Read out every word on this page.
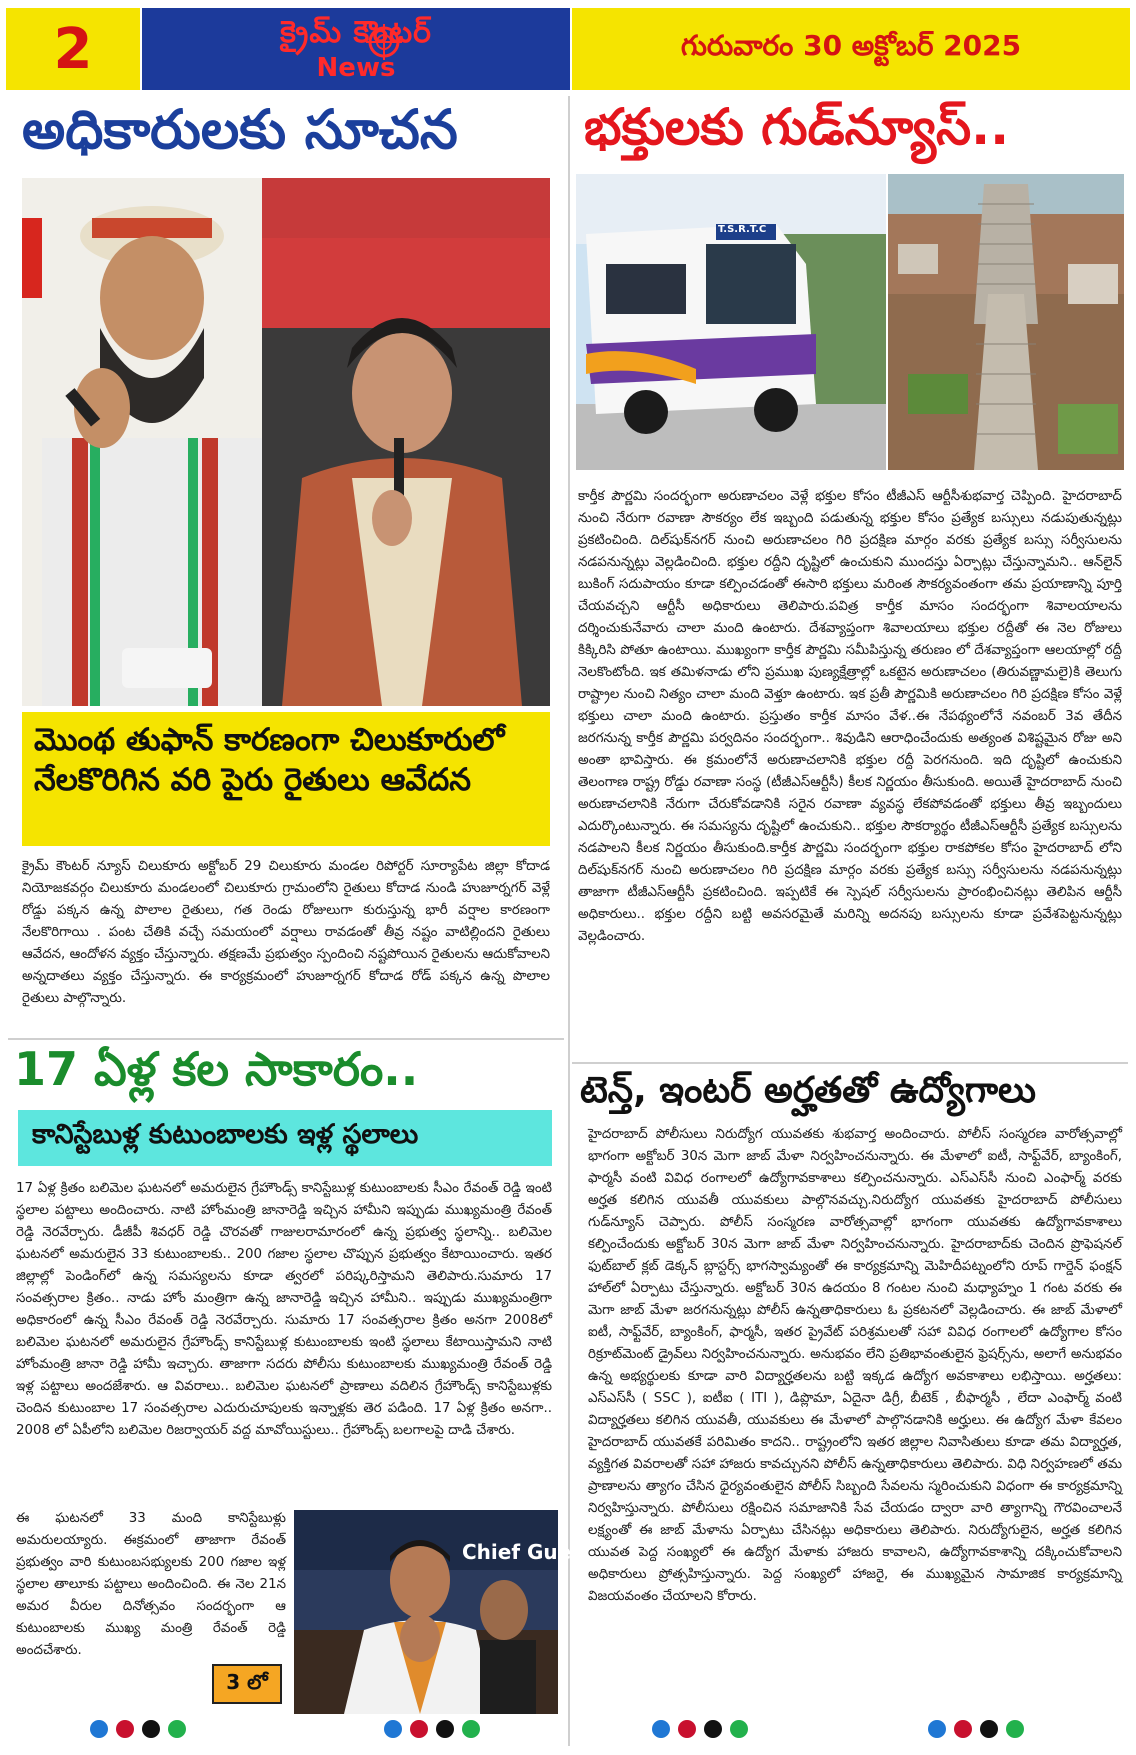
2	క్రైమ్ కౌంటర్
News
గురువారం 30 అక్టోబర్ 2025
అధికారులకు సూచన
మొంథ తుఫాన్ కారణంగా చిలుకూరులో నేలకొరిగిన వరి పైరు రైతులు ఆవేదన
క్రైమ్ కౌంటర్ న్యూస్ చిలుకూరు అక్టోబర్ 29 చిలుకూరు మండల రిపోర్టర్ సూర్యాపేట జిల్లా కోదాడ నియోజకవర్గం చిలుకూరు మండలంలో చిలుకూరు గ్రామంలోని రైతులు కోదాడ నుండి హుజూర్నగర్ వెళ్లే రోడ్డు పక్కన ఉన్న పొలాల రైతులు, గత రెండు రోజులుగా కురుస్తున్న భారీ వర్షాల కారణంగా నేలకొరిగాయి . పంట చేతికి వచ్చే సమయంలో వర్షాలు రావడంతో తీవ్ర నష్టం వాటిల్లిందని రైతులు ఆవేదన, ఆందోళన వ్యక్తం చేస్తున్నారు. తక్షణమే ప్రభుత్వం స్పందించి నష్టపోయిన రైతులను ఆదుకోవాలని అన్నదాతలు వ్యక్తం చేస్తున్నారు. ఈ కార్యక్రమంలో హుజూర్నగర్ కోదాడ రోడ్ పక్కన ఉన్న పొలాల రైతులు పాల్గొన్నారు.
17 ఏళ్ల కల సాకారం..
కానిస్టేబుళ్ల కుటుంబాలకు ఇళ్ల స్థలాలు
17 ఏళ్ల క్రితం బలిమెల ఘటనలో అమరులైన గ్రేహౌండ్స్ కానిస్టేబుళ్ల కుటుంబాలకు సీఎం రేవంత్ రెడ్డి ఇంటి స్థలాల పట్టాలు అందించారు. నాటి హోంమంత్రి జానారెడ్డి ఇచ్చిన హామీని ఇప్పుడు ముఖ్యమంత్రి రేవంత్ రెడ్డి నెరవేర్చారు. డీజీపీ శివధర్ రెడ్డి చొరవతో గాజులరామారంలో ఉన్న ప్రభుత్వ స్థలాన్ని.. బలిమెల ఘటనలో అమరులైన 33 కుటుంబాలకు.. 200 గజాల స్థలాల చొప్పున ప్రభుత్వం కేటాయించారు. ఇతర జిల్లాల్లో పెండింగ్‌లో ఉన్న సమస్యలను కూడా త్వరలో పరిష్కరిస్తామని తెలిపారు.సుమారు 17 సంవత్సరాల క్రితం.. నాడు హోం మంత్రిగా ఉన్న జానారెడ్డి ఇచ్చిన హామీని.. ఇప్పుడు ముఖ్యమంత్రిగా అధికారంలో ఉన్న సీఎం రేవంత్ రెడ్డి నెరవేర్చారు. సుమారు 17 సంవత్సరాల క్రితం అనగా 2008లో బలిమెల ఘటనలో అమరులైన గ్రేహౌండ్స్ కానిస్టేబుళ్ల కుటుంబాలకు ఇంటి స్థలాలు కేటాయిస్తామని నాటి హోంమంత్రి జానా రెడ్డి హామీ ఇచ్చారు. తాజాగా సదరు పోలీసు కుటుంబాలకు ముఖ్యమంత్రి రేవంత్ రెడ్డి ఇళ్ల పట్టాలు అందజేశారు. ఆ వివరాలు.. బలిమెల ఘటనలో ప్రాణాలు వదిలిన గ్రేహౌండ్స్ కానిస్టేబుళ్లకు చెందిన కుటుంబాల 17 సంవత్సరాల ఎదురుచూపులకు ఇన్నాళ్లకు తెర పడింది. 17 ఏళ్ల క్రితం అనగా.. 2008 లో ఏపీలోని బలిమెల రిజర్వాయర్ వద్ద మావోయిస్టులు.. గ్రేహౌండ్స్ బలగాలపై దాడి చేశారు.
ఈ ఘటనలో 33 మంది కానిస్టేబుళ్లు అమరులయ్యారు. ఈక్రమంలో తాజాగా రేవంత్ ప్రభుత్వం వారి కుటుంబసభ్యులకు 200 గజాల ఇళ్ల స్థలాల తాలూకు పట్టాలు అందించింది. ఈ నెల 21న అమర వీరుల దినోత్సవం సందర్భంగా ఆ కుటుంబాలకు ముఖ్య మంత్రి రేవంత్ రెడ్డి అందచేశారు.
Chief Gue
3 లో
భక్తులకు గుడ్‌న్యూస్..
T.S.R.T.C
కార్తీక పౌర్ణమి సందర్భంగా అరుణాచలం వెళ్లే భక్తుల కోసం టీజీఎస్ ఆర్టీసీశుభవార్త చెప్పింది. హైదరాబాద్ నుంచి నేరుగా రవాణా సౌకర్యం లేక ఇబ్బంది పడుతున్న భక్తుల కోసం ప్రత్యేక బస్సులు నడుపుతున్నట్లు ప్రకటించింది. దిల్‌షుక్‌నగర్ నుంచి అరుణాచలం గిరి ప్రదక్షిణ మార్గం వరకు ప్రత్యేక బస్సు సర్వీసులను నడపనున్నట్లు వెల్లడించింది. భక్తుల రద్దీని దృష్టిలో ఉంచుకుని ముందస్తు ఏర్పాట్లు చేస్తున్నామని.. ఆన్‌లైన్ బుకింగ్ సదుపాయం కూడా కల్పించడంతో ఈసారి భక్తులు మరింత సౌకర్యవంతంగా తమ ప్రయాణాన్ని పూర్తి చేయవచ్చని ఆర్టీసీ అధికారులు తెలిపారు.పవిత్ర కార్తీక మాసం సందర్భంగా శివాలయాలను దర్శించుకునేవారు చాలా మంది ఉంటారు. దేశవ్యాప్తంగా శివాలయాలు భక్తుల రద్దీతో ఈ నెల రోజులు కిక్కిరిసి పోతూ ఉంటాయి. ముఖ్యంగా కార్తీక పౌర్ణమి సమీపిస్తున్న తరుణం లో దేశవ్యాప్తంగా ఆలయాల్లో రద్దీ నెలకొంటోంది. ఇక తమిళనాడు లోని ప్రముఖ పుణ్యక్షేత్రాల్లో ఒకటైన అరుణాచలం (తిరువణ్ణామలై)కి తెలుగు రాష్ట్రాల నుంచి నిత్యం చాలా మంది వెళ్తూ ఉంటారు. ఇక ప్రతీ పౌర్ణమికి అరుణాచలం గిరి ప్రదక్షిణ కోసం వెళ్లే భక్తులు చాలా మంది ఉంటారు. ప్రస్తుతం కార్తీక మాసం వేళ..ఈ నేపథ్యంలోనే నవంబర్ 3వ తేదీన జరగనున్న కార్తీక పౌర్ణమి పర్వదినం సందర్భంగా.. శివుడిని ఆరాధించేందుకు అత్యంత విశిష్టమైన రోజు అని అంతా భావిస్తారు. ఈ క్రమంలోనే అరుణాచలానికి భక్తుల రద్దీ పెరగనుంది. ఇది దృష్టిలో ఉంచుకుని తెలంగాణ రాష్ట్ర రోడ్డు రవాణా సంస్థ (టీజీఎస్‌ఆర్టీసీ) కీలక నిర్ణయం తీసుకుంది. అయితే హైదరాబాద్ నుంచి అరుణాచలానికి నేరుగా చేరుకోవడానికి సరైన రవాణా వ్యవస్థ లేకపోవడంతో భక్తులు తీవ్ర ఇబ్బందులు ఎదుర్కొంటున్నారు. ఈ సమస్యను దృష్టిలో ఉంచుకుని.. భక్తుల సౌకర్యార్థం టీజీఎస్‌ఆర్టీసీ ప్రత్యేక బస్సులను నడపాలని కీలక నిర్ణయం తీసుకుంది.కార్తీక పౌర్ణమి సందర్భంగా భక్తుల రాకపోకల కోసం హైదరాబాద్ లోని దిల్‌షుక్‌నగర్ నుంచి అరుణాచలం గిరి ప్రదక్షిణ మార్గం వరకు ప్రత్యేక బస్సు సర్వీసులను నడపనున్నట్లు తాజాగా టీజీఎస్‌ఆర్టీసీ ప్రకటించింది. ఇప్పటికే ఈ స్పెషల్ సర్వీసులను ప్రారంభించినట్లు తెలిపిన ఆర్టీసీ అధికారులు.. భక్తుల రద్దీని బట్టి అవసరమైతే మరిన్ని అదనపు బస్సులను కూడా ప్రవేశపెట్టనున్నట్లు వెల్లడించారు.
టెన్త్, ఇంటర్ అర్హతతో ఉద్యోగాలు
హైదరాబాద్ పోలీసులు నిరుద్యోగ యువతకు శుభవార్త అందించారు. పోలీస్ సంస్మరణ వారోత్సవాల్లో భాగంగా అక్టోబర్ 30న మెగా జాబ్ మేళా నిర్వహించనున్నారు. ఈ మేళాలో ఐటీ, సాఫ్ట్‌వేర్, బ్యాంకింగ్, ఫార్మసీ వంటి వివిధ రంగాలలో ఉద్యోగావకాశాలు కల్పించనున్నారు. ఎస్ఎస్‌సీ నుంచి ఎంఫార్మ్ వరకు అర్హత కలిగిన యువతీ యువకులు పాల్గొనవచ్చు.నిరుద్యోగ యువతకు హైదరాబాద్ పోలీసులు గుడ్‌న్యూస్ చెప్పారు. పోలీస్ సంస్మరణ వారోత్సవాల్లో భాగంగా యువతకు ఉద్యోగావకాశాలు కల్పించేందుకు అక్టోబర్ 30న మెగా జాబ్ మేళా నిర్వహించనున్నారు. హైదరాబాద్‌కు చెందిన ప్రొఫెషనల్ ఫుట్‌బాల్ క్లబ్ డెక్కన్ బ్లాస్టర్స్ భాగస్వామ్యంతో ఈ కార్యక్రమాన్ని మెహిదీపట్నంలోని రూప్ గార్డెన్ ఫంక్షన్ హాల్‌లో ఏర్పాటు చేస్తున్నారు. అక్టోబర్ 30న ఉదయం 8 గంటల నుంచి మధ్యాహ్నం 1 గంట వరకు ఈ మెగా జాబ్ మేళా జరగనున్నట్లు పోలీస్ ఉన్నతాధికారులు ఓ ప్రకటనలో వెల్లడించారు. ఈ జాబ్ మేళాలో ఐటీ, సాఫ్ట్‌వేర్, బ్యాంకింగ్, ఫార్మసీ, ఇతర ప్రైవేట్ పరిశ్రమలతో సహా వివిధ రంగాలలో ఉద్యోగాల కోసం రిక్రూట్‌మెంట్ డ్రైవ్‌లు నిర్వహించనున్నారు. అనుభవం లేని ప్రతిభావంతులైన ఫ్రెషర్స్‌ను, అలాగే అనుభవం ఉన్న అభ్యర్థులకు కూడా వారి విద్యార్హతలను బట్టి ఇక్కడ ఉద్యోగ అవకాశాలు లభిస్తాయి. అర్హతలు: ఎస్ఎస్‌సీ ( SSC ), ఐటీఐ ( ITI ), డిప్లొమా, ఏదైనా డిగ్రీ, బీటెక్ , బీఫార్మసీ , లేదా ఎంఫార్మ్ వంటి విద్యార్హతలు కలిగిన యువతీ, యువకులు ఈ మేళాలో పాల్గొనడానికి అర్హులు. ఈ ఉద్యోగ మేళా కేవలం హైదరాబాద్ యువతకే పరిమితం కాదని.. రాష్ట్రంలోని ఇతర జిల్లాల నివాసితులు కూడా తమ విద్యార్హత, వ్యక్తిగత వివరాలతో సహా హాజరు కావచ్చునని పోలీస్ ఉన్నతాధికారులు తెలిపారు. విధి నిర్వహణలో తమ ప్రాణాలను త్యాగం చేసిన ధైర్యవంతులైన పోలీస్ సిబ్బంది సేవలను స్మరించుకుని విధంగా ఈ కార్యక్రమాన్ని నిర్వహిస్తున్నారు. పోలీసులు రక్షించిన సమాజానికి సేవ చేయడం ద్వారా వారి త్యాగాన్ని గౌరవించాలనే లక్ష్యంతో ఈ జాబ్ మేళాను ఏర్పాటు చేసినట్లు అధికారులు తెలిపారు. నిరుద్యోగులైన, అర్హత కలిగిన యువత పెద్ద సంఖ్యలో ఈ ఉద్యోగ మేళాకు హాజరు కావాలని, ఉద్యోగావకాశాన్ని దక్కించుకోవాలని అధికారులు ప్రోత్సహిస్తున్నారు. పెద్ద సంఖ్యలో హాజరై, ఈ ముఖ్యమైన సామాజిక కార్యక్రమాన్ని విజయవంతం చేయాలని కోరారు.
